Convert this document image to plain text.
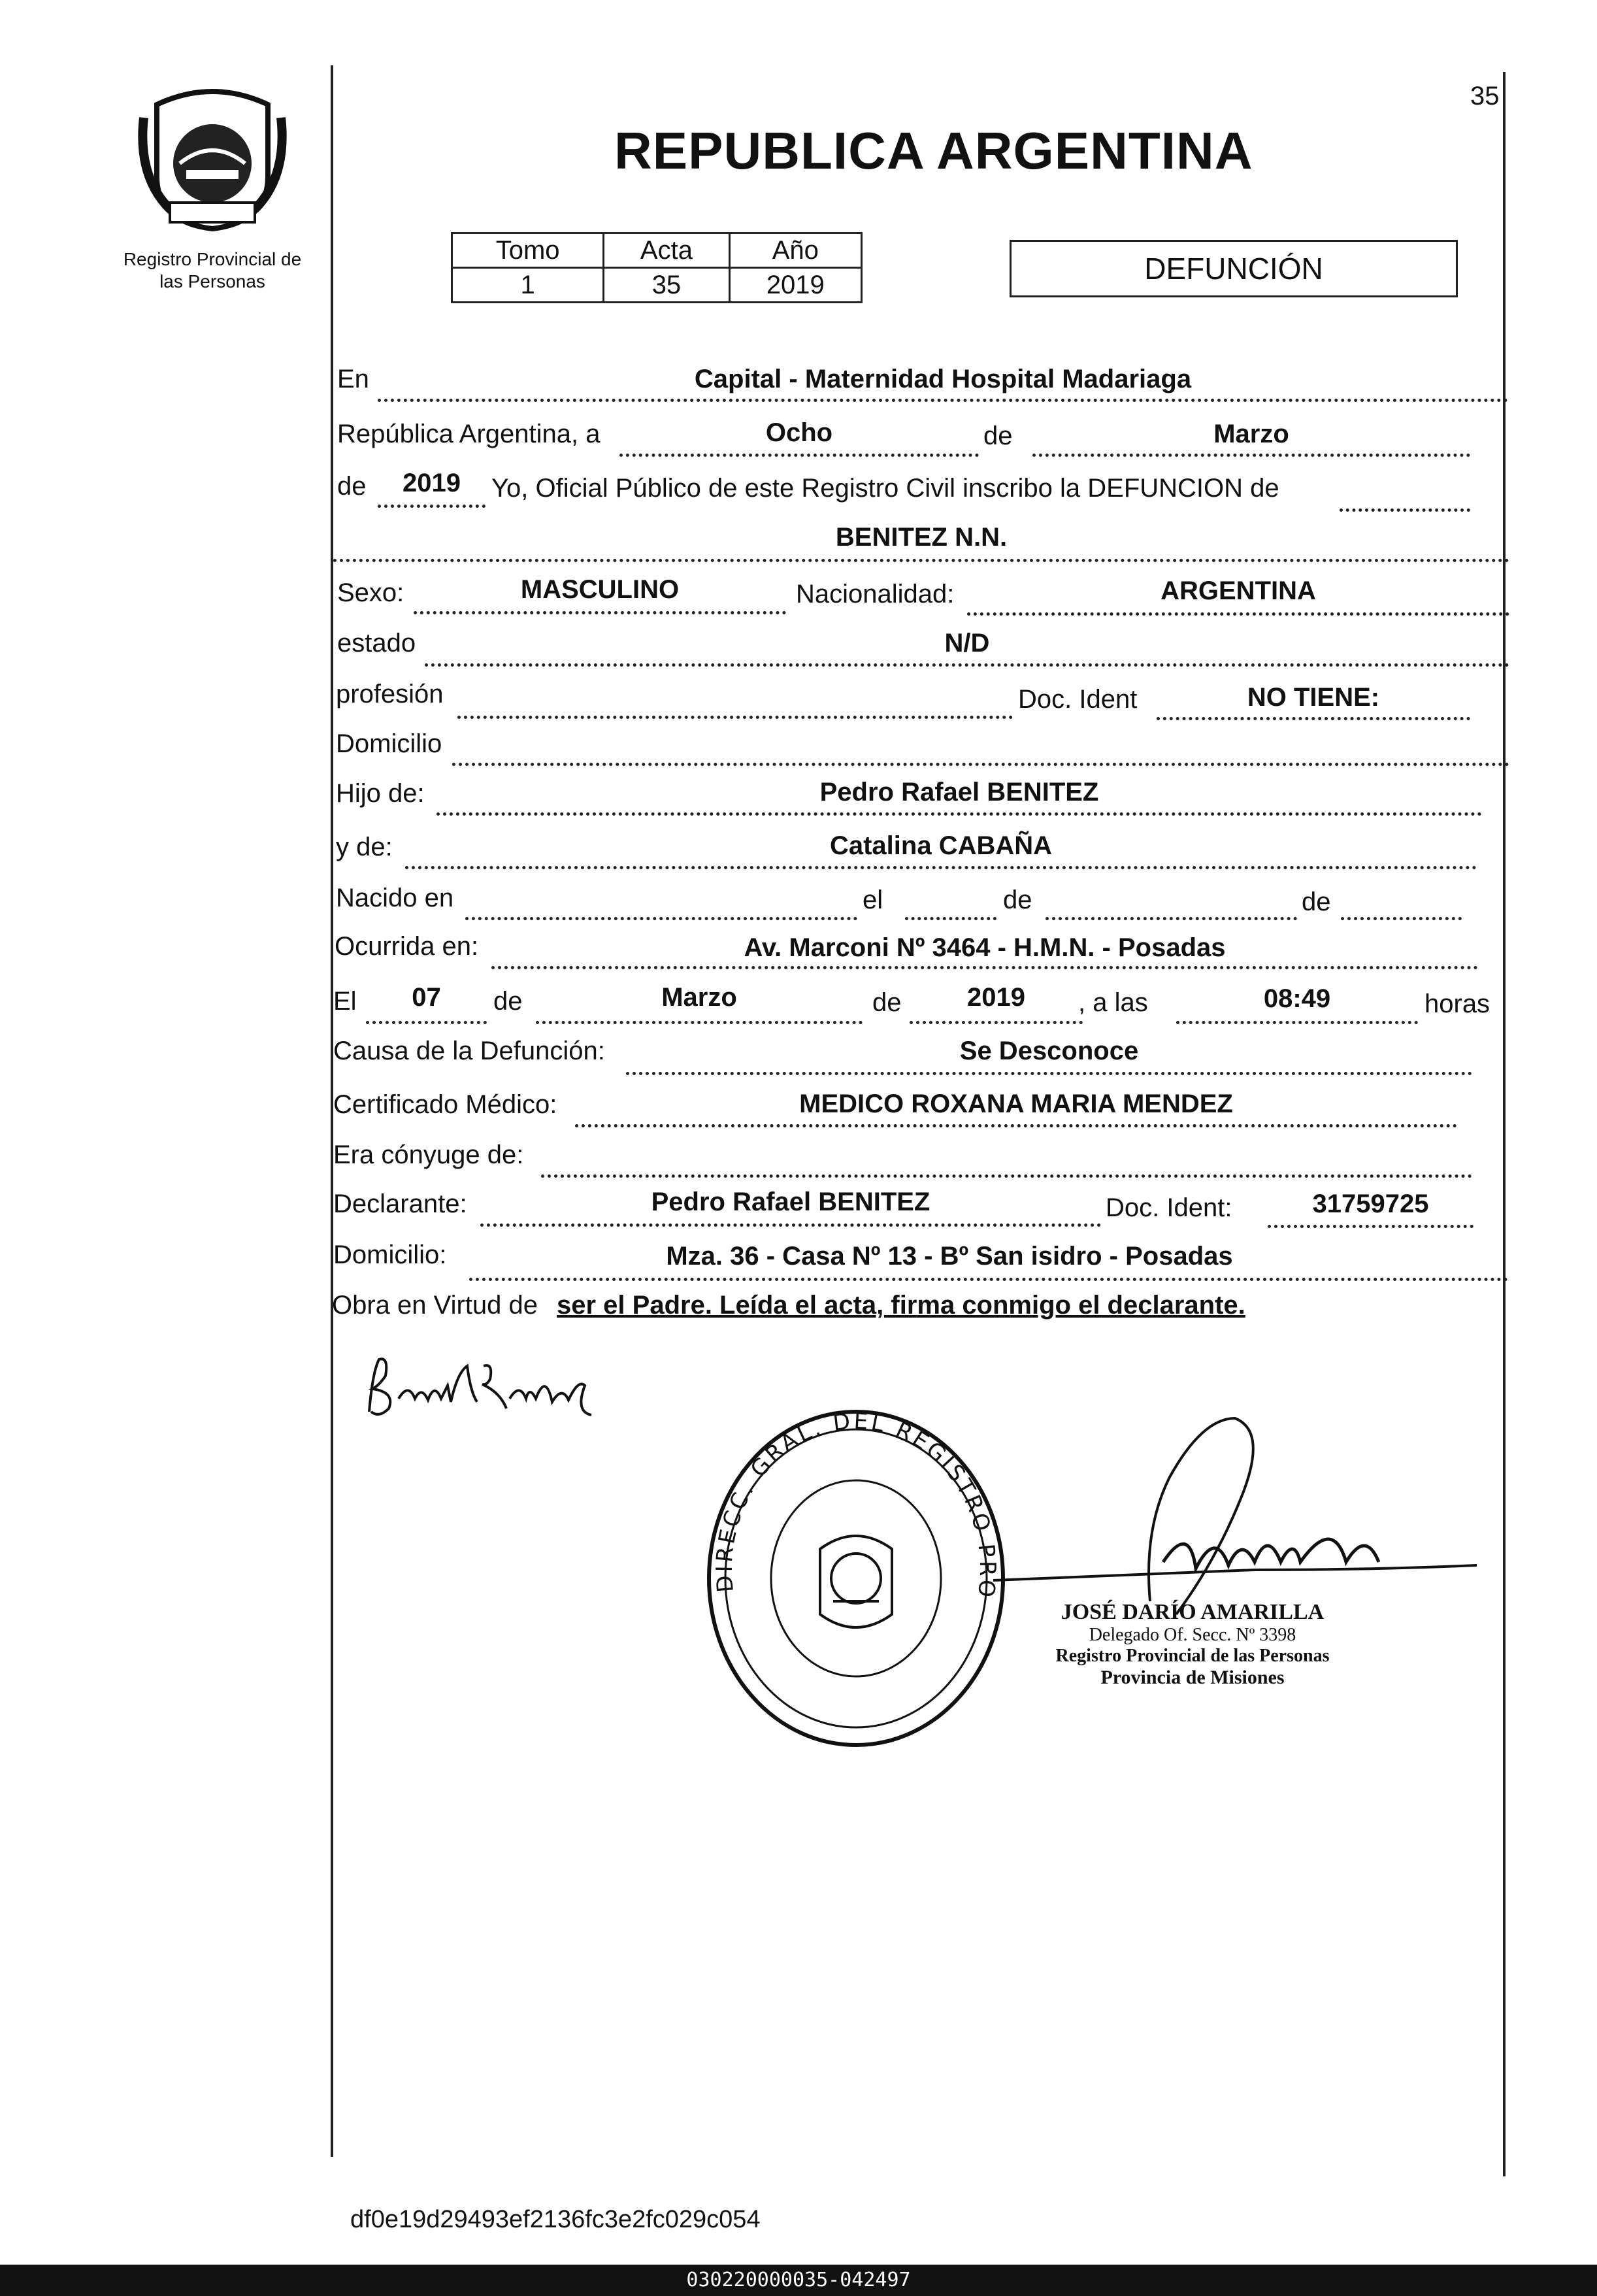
Registro Provincial de
las Personas
35
REPUBLICA ARGENTINA
Tomo	Acta	Año
1	35	2019	DEFUNCIÓN
En	Capital - Maternidad Hospital Madariaga
República Argentina, a	Ocho	de	Marzo
de	2019	Yo, Oficial Público de este Registro Civil inscribo la DEFUNCION de
BENITEZ N.N.
Sexo:	MASCULINO	Nacionalidad:	ARGENTINA
estado	N/D
profesión	Doc. Ident	NO TIENE:
Domicilio
Hijo de:	Pedro Rafael BENITEZ
y de:	Catalina CABAÑA
Nacido en	el	de	de
Ocurrida en:	Av. Marconi Nº 3464 - H.M.N. - Posadas
El	07	de	Marzo	de	2019	, a las	08:49	horas
Causa de la Defunción:	Se Desconoce
Certificado Médico:	MEDICO ROXANA MARIA MENDEZ
Era cónyuge de:
Declarante:	Pedro Rafael BENITEZ	Doc. Ident:	31759725
Domicilio:	Mza. 36 - Casa Nº 13 - Bº San isidro - Posadas
Obra en Virtud de ser el Padre. Leída el acta, firma conmigo el declarante.
DIRECC. GRAL. DEL REGISTRO PRO
JOSÉ DARÍO AMARILLA
Delegado Of. Secc. Nº 3398
Registro Provincial de las Personas
Provincia de Misiones
df0e19d29493ef2136fc3e2fc029c054
030220000035-042497
